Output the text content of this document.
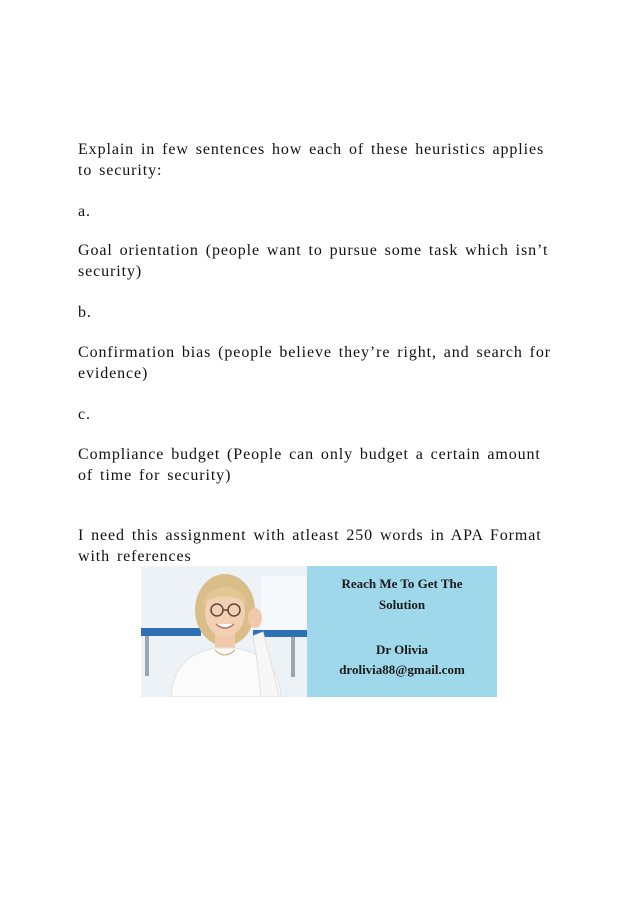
Explain in few sentences how each of these heuristics applies to security:

a.

Goal orientation (people want to pursue some task which isn’t security)

b.

Confirmation bias (people believe they’re right, and search for evidence)

c.

Compliance budget (People can only budget a certain amount of time for security)

I need this assignment with atleast 250 words in APA Format with references

Reach Me To Get The
Solution
Dr Olivia
drolivia88@gmail.com
